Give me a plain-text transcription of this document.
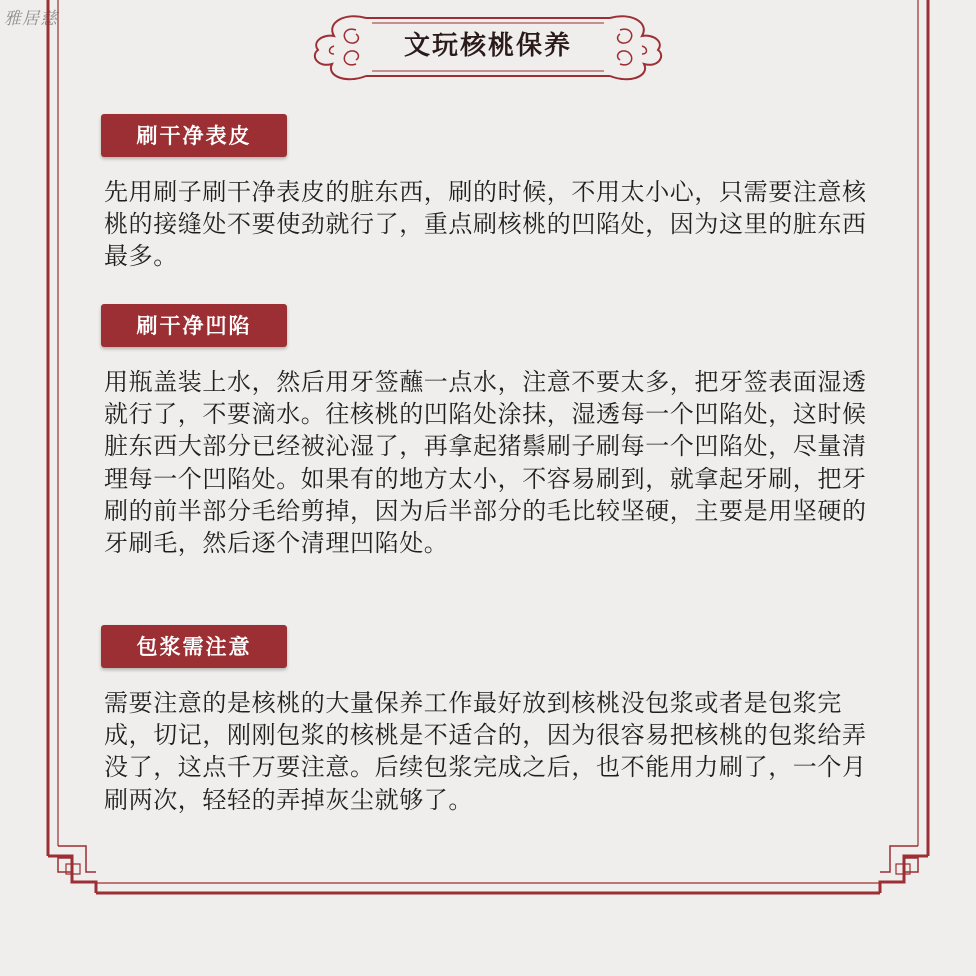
雅居慈
文玩核桃保养
刷干净表皮
先用刷子刷干净表皮的脏东西，刷的时候，不用太小心，只需要注意核桃的接缝处不要使劲就行了，重点刷核桃的凹陷处，因为这里的脏东西最多。
刷干净凹陷
用瓶盖装上水，然后用牙签蘸一点水，注意不要太多，把牙签表面湿透就行了，不要滴水。往核桃的凹陷处涂抹，湿透每一个凹陷处，这时候脏东西大部分已经被沁湿了，再拿起猪鬃刷子刷每一个凹陷处，尽量清理每一个凹陷处。如果有的地方太小，不容易刷到，就拿起牙刷，把牙刷的前半部分毛给剪掉，因为后半部分的毛比较坚硬，主要是用坚硬的牙刷毛，然后逐个清理凹陷处。
包浆需注意
需要注意的是核桃的大量保养工作最好放到核桃没包浆或者是包浆完成，切记，刚刚包浆的核桃是不适合的，因为很容易把核桃的包浆给弄没了，这点千万要注意。后续包浆完成之后，也不能用力刷了，一个月刷两次，轻轻的弄掉灰尘就够了。
